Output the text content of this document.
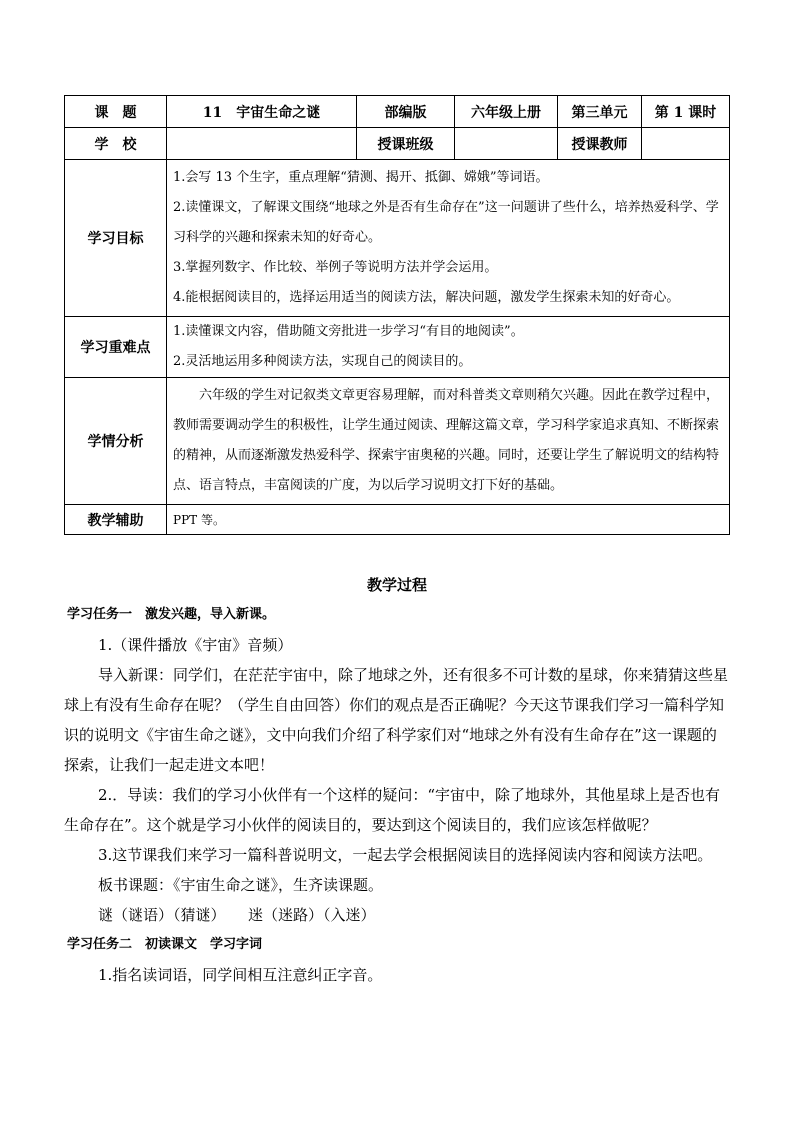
课　题	11　宇宙生命之谜	部编版	六年级上册	第三单元	第 1 课时
学　校		授课班级		授课教师	
学习目标	1.会写 13 个生字，重点理解“猜测、揭开、抵御、嫦娥”等词语。

2.读懂课文，了解课文围绕“地球之外是否有生命存在”这一问题讲了些什么，培养热爱科学、学习科学的兴趣和探索未知的好奇心。

3.掌握列数字、作比较、举例子等说明方法并学会运用。

4.能根据阅读目的，选择运用适当的阅读方法，解决问题，激发学生探索未知的好奇心。				

学习重难点	1.读懂课文内容，借助随文旁批进一步学习“有目的地阅读”。

2.灵活地运用多种阅读方法，实现自己的阅读目的。				

学情分析	六年级的学生对记叙类文章更容易理解，而对科普类文章则稍欠兴趣。因此在教学过程中，教师需要调动学生的积极性，让学生通过阅读、理解这篇文章，学习科学家追求真知、不断探索的精神，从而逐渐激发热爱科学、探索宇宙奥秘的兴趣。同时，还要让学生了解说明文的结构特点、语言特点，丰富阅读的广度，为以后学习说明文打下好的基础。				

教学辅助	PPT 等。				
教学过程

学习任务一　激发兴趣，导入新课。

1.（课件播放《宇宙》音频）

导入新课：同学们，在茫茫宇宙中，除了地球之外，还有很多不可计数的星球，你来猜猜这些星球上有没有生命存在呢？（学生自由回答）你们的观点是否正确呢？今天这节课我们学习一篇科学知识的说明文《宇宙生命之谜》，文中向我们介绍了科学家们对“地球之外有没有生命存在”这一课题的探索，让我们一起走进文本吧！

2.．导读：我们的学习小伙伴有一个这样的疑问：“宇宙中，除了地球外，其他星球上是否也有生命存在”。这个就是学习小伙伴的阅读目的，要达到这个阅读目的，我们应该怎样做呢？

3.这节课我们来学习一篇科普说明文，一起去学会根据阅读目的选择阅读内容和阅读方法吧。

板书课题：《宇宙生命之谜》，生齐读课题。

谜（谜语）（猜谜）　　迷（迷路）（入迷）

学习任务二　初读课文　学习字词

1.指名读词语，同学间相互注意纠正字音。
